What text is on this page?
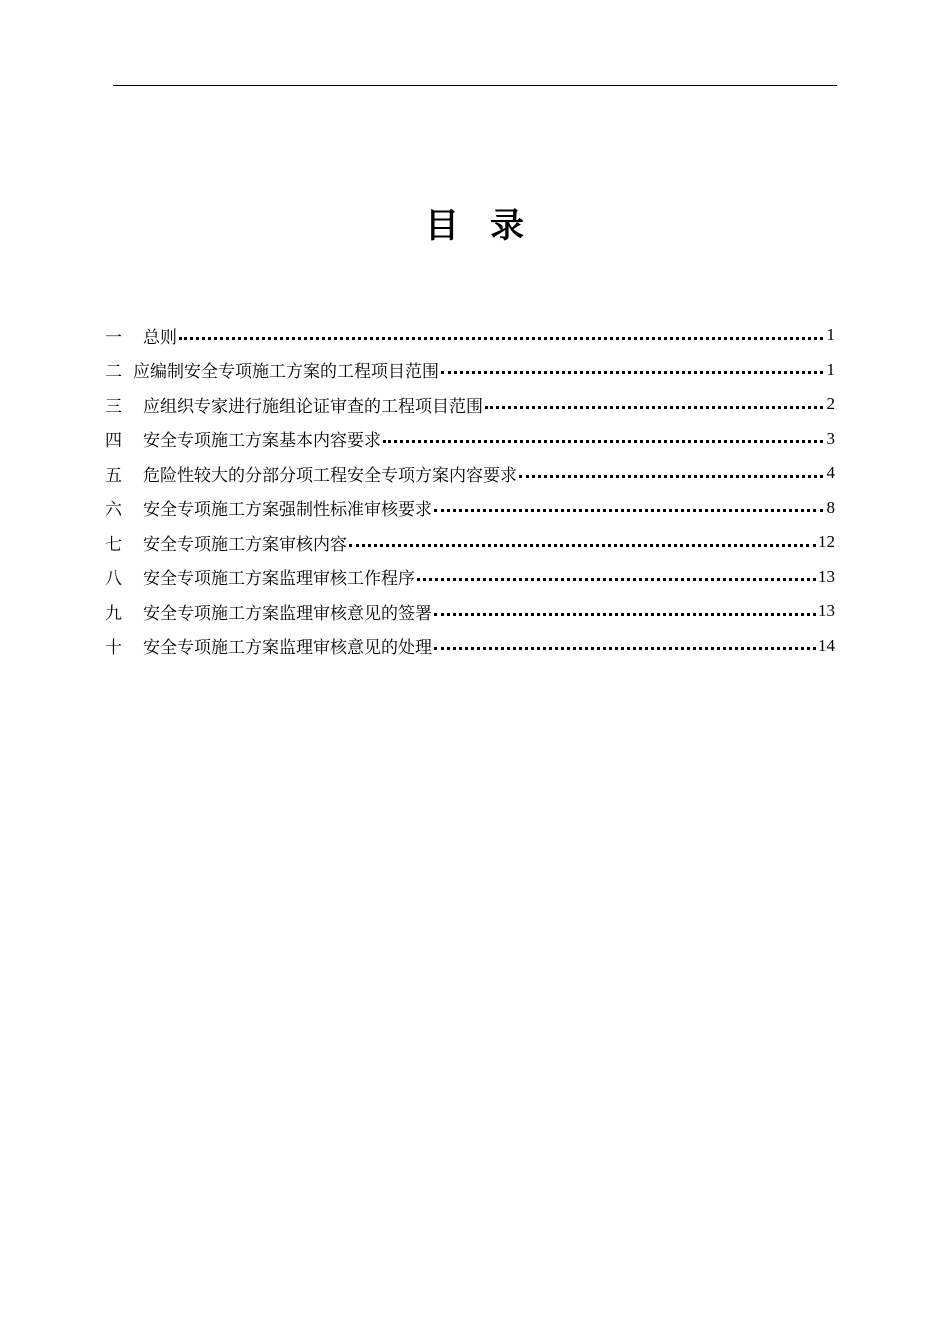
目 录
一	总则	1
二 应编制安全专项施工方案的工程项目范围	1
三	应组织专家进行施组论证审查的工程项目范围	2
四	安全专项施工方案基本内容要求	3
五	危险性较大的分部分项工程安全专项方案内容要求	4
六	安全专项施工方案强制性标准审核要求	8
七	安全专项施工方案审核内容	12
八	安全专项施工方案监理审核工作程序	13
九	安全专项施工方案监理审核意见的签署	13
十	安全专项施工方案监理审核意见的处理	14
